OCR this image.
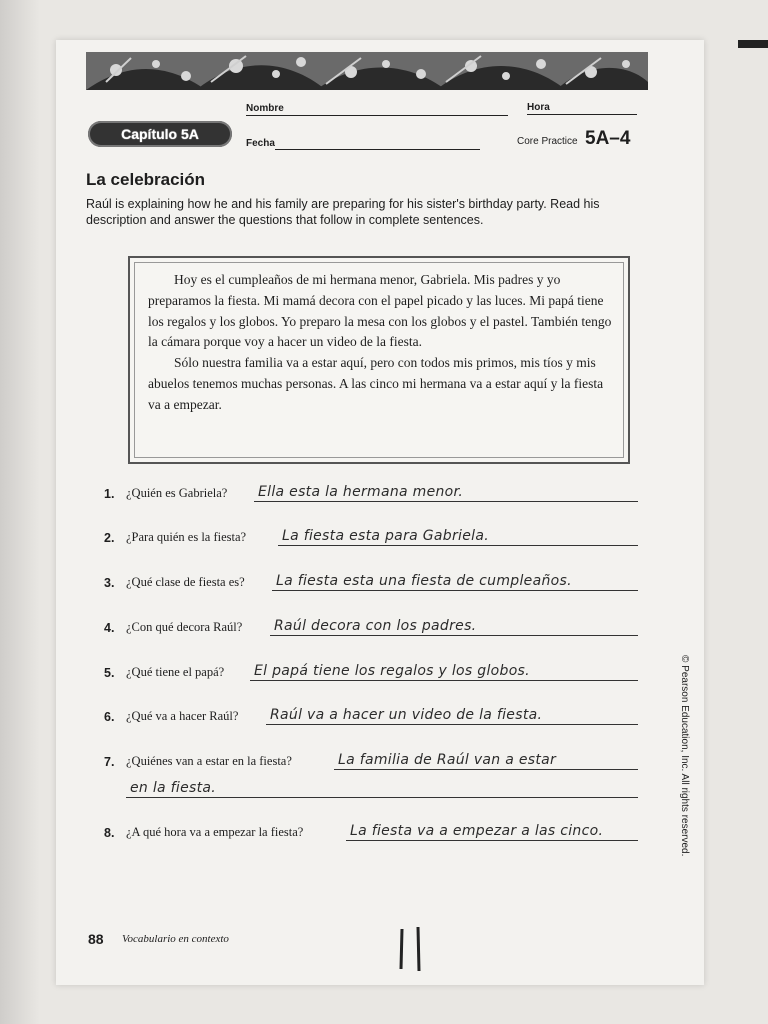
Nombre	Hora
Capítulo 5A
Fecha	Core Practice 5A–4
La celebración
Raúl is explaining how he and his family are preparing for his sister's birthday party. Read his description and answer the questions that follow in complete sentences.

Hoy es el cumpleaños de mi hermana menor, Gabriela. Mis padres y yo preparamos la fiesta. Mi mamá decora con el papel picado y las luces. Mi papá tiene los regalos y los globos. Yo preparo la mesa con los globos y el pastel. También tengo la cámara porque voy a hacer un video de la fiesta.

Sólo nuestra familia va a estar aquí, pero con todos mis primos, mis tíos y mis abuelos tenemos muchas personas. A las cinco mi hermana va a estar aquí y la fiesta va a empezar.

1. ¿Quién es Gabriela? Ella esta la hermana menor.
2. ¿Para quién es la fiesta?	La fiesta esta para Gabriela.
3. ¿Qué clase de fiesta es? La fiesta esta una fiesta de cumpleaños.
4. ¿Con qué decora Raúl? Raúl decora con los padres.
5. ¿Qué tiene el papá? El papá tiene los regalos y los globos.
6. ¿Qué va a hacer Raúl? Raúl va a hacer un video de la fiesta.
7. ¿Quiénes van a estar en la fiesta?	La familia de Raúl van a estar
en la fiesta.
8. ¿A qué hora va a empezar la fiesta?	La fiesta va a empezar a las cinco.	© Pearson Education, Inc. All rights reserved.
88 Vocabulario en contexto
